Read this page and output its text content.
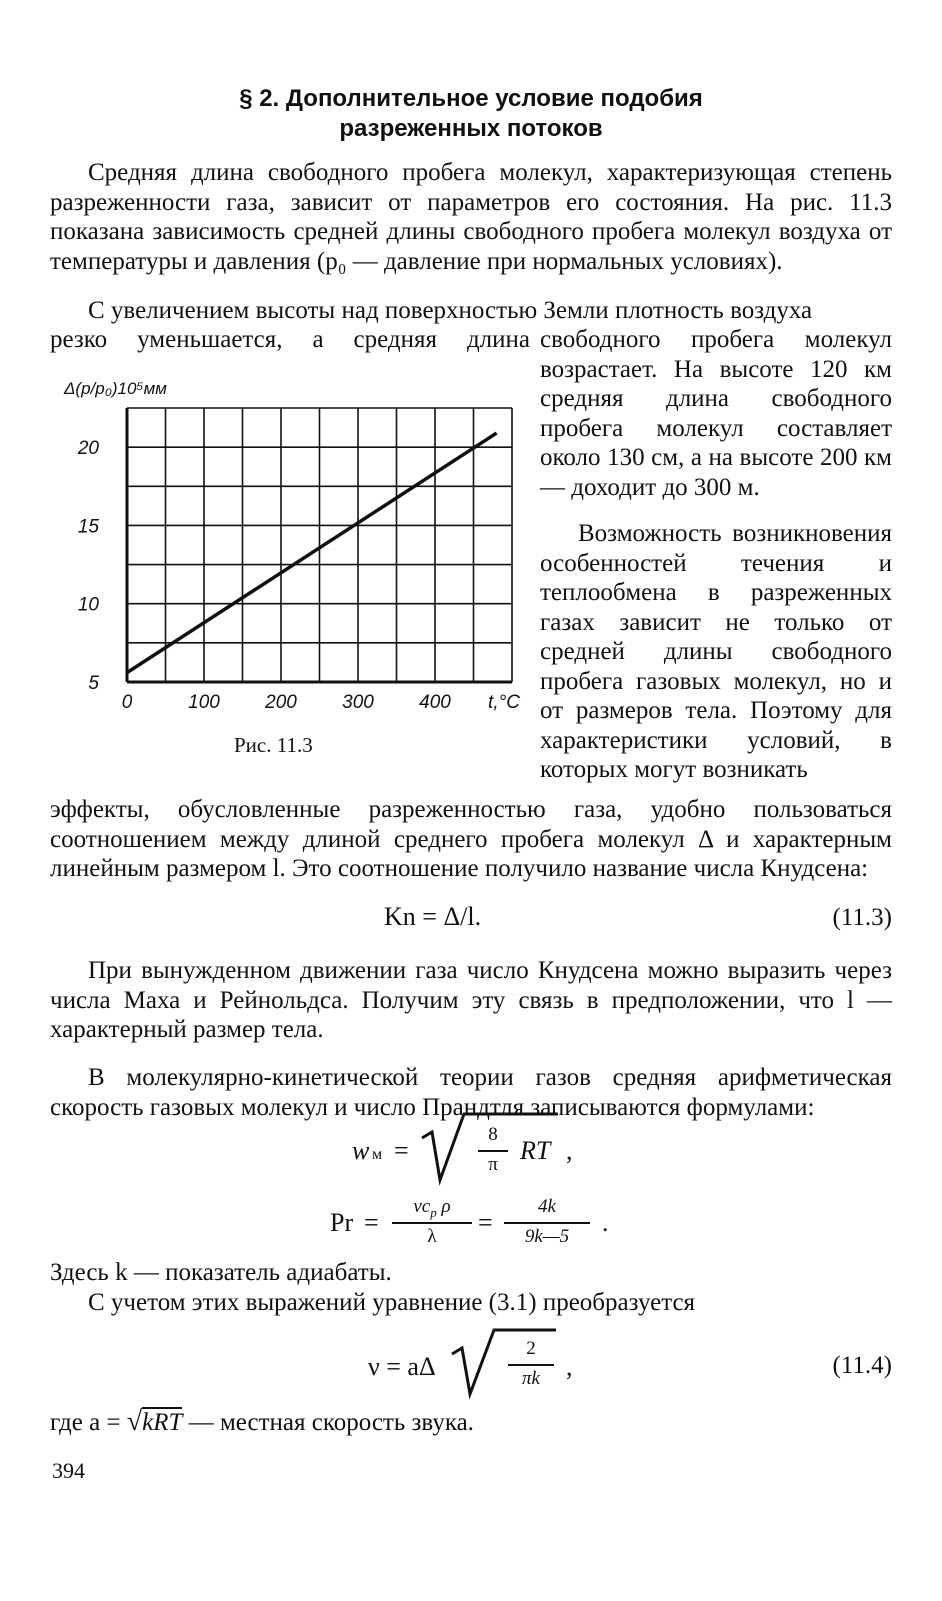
§ 2. Дополнительное условие подобия
разреженных потоков
Средняя длина свободного пробега молекул, характеризующая степень разреженности газа, зависит от параметров его состояния. На рис. 11.3 показана зависимость средней длины свободного пробега молекул воздуха от температуры и давления (p₀ — давление при нормальных условиях).
С увеличением высоты над поверхностью Земли плотность воздуха
резко уменьшается, а средняя длина
0	100 200 300 400 t,°C
5
10
15
20
Δ(p/p₀)10⁵мм
Рис. 11.3
свободного пробега молекул возрастает. На высоте 120 км средняя длина свободного пробега молекул составляет около 130 см, а на высоте 200 км — доходит до 300 м.
Возможность возникновения особенностей течения и теплообмена в разреженных газах зависит не только от средней длины свободного пробега газовых молекул, но и от размеров тела. Поэтому для характеристики условий, в которых могут возникать
эффекты, обусловленные разреженностью газа, удобно пользоваться соотношением между длиной среднего пробега молекул Δ и характерным линейным размером l. Это соотношение получило название числа Кнудсена:
Kn = Δ/l.	(11.3)
При вынужденном движении газа число Кнудсена можно выразить через числа Маха и Рейнольдса. Получим эту связь в предположении, что l — характерный размер тела.
В молекулярно-кинетической теории газов средняя арифметическая скорость газовых молекул и число Прандтля записываются формулами:
w м =
8
π RT ,
Pr =
$\nu c_p$ ρ
λ	=
4k
9k—5	.
Здесь k — показатель адиабаты.
С учетом этих выражений уравнение (3.1) преобразуется
ν = aΔ
2
πk	,	(11.4)
где a = √kRT — местная скорость звука.
394
